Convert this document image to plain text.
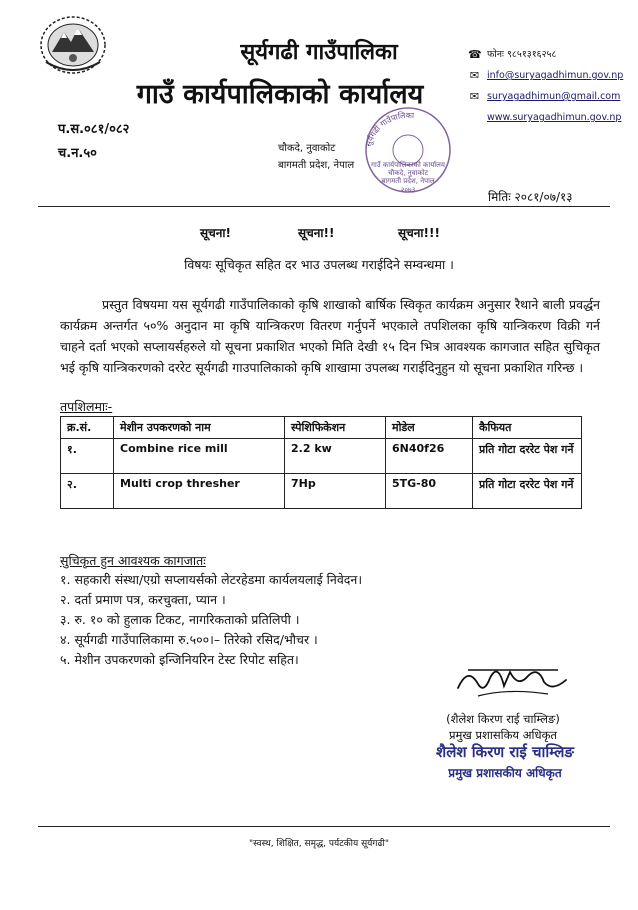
सूर्यगढी गाउँपालिका
गाउँ कार्यपालिकाको कार्यालय
☎ फोनः ९८५१३१६२५८
✉ info@suryagadhimun.gov.np
✉ suryagadhimun@gmail.com
www.suryagadhimun.gov.np
प.स.०८१/०८२
च.न.५०	चौकदे, नुवाकोट
बागमती प्रदेश, नेपाल
सूर्यगढी गाउँपालिका
गाउँ कार्यपालिकाको कार्यालय
चौकदे, नुवाकोट
बागमती प्रदेश, नेपाल
२०७३	मितिः २०८१/०७/१३
सूचना!	सूचना!!	सूचना!!!
विषयः सूचिकृत सहित दर भाउ उपलब्ध गराईदिने सम्वन्धमा ।

प्रस्तुत विषयमा यस सूर्यगढी गाउँपालिकाको कृषि शाखाको बार्षिक स्विकृत कार्यक्रम अनुसार रैथाने बाली प्रवर्द्धन कार्यक्रम अन्तर्गत ५०% अनुदान मा कृषि यान्त्रिकरण वितरण गर्नुपर्ने भएकाले तपशिलका कृषि यान्त्रिकरण विक्री गर्न चाहने दर्ता भएको सप्लायर्सहरुले यो सूचना प्रकाशित भएको मिति देखी १५ दिन भित्र आवश्यक कागजात सहित सुचिकृत भई कृषि यान्त्रिकरणको दररेट सूर्यगढी गाउपालिकाको कृषि शाखामा उपलब्ध गराईदिनुहुन यो सूचना प्रकाशित गरिन्छ ।

तपशिलमाः-
क्र.सं.	मेशीन उपकरणको नाम	स्पेशिफिकेशन	मोडेल	कैफियत
१.	Combine rice mill	2.2 kw	6N40f26	प्रति गोटा दररेट पेश गर्ने
२.	Multi crop thresher	7Hp	5TG-80	प्रति गोटा दररेट पेश गर्ने
सुचिकृत हुन आवश्यक कागजातः
१. सहकारी संस्था/एग्रो सप्लायर्सको लेटरहेडमा कार्यलयलाई निवेदन।
२. दर्ता प्रमाण पत्र, करचुक्ता, प्यान ।
३. रु. १० को हुलाक टिकट, नागरिकताको प्रतिलिपी ।
४. सूर्यगढी गाउँपालिकामा रु.५००।– तिरेको रसिद/भौचर ।
५. मेशीन उपकरणको इन्जिनियरिन टेस्ट रिपोट सहित।
(शैलेश किरण राई चाम्लिङ)
प्रमुख प्रशासकिय अधिकृत
शैलेश किरण राई चाम्लिङ
प्रमुख प्रशासकीय अधिकृत
"स्वस्थ, शिक्षित, समृद्ध, पर्यटकीय सूर्यगढी"
